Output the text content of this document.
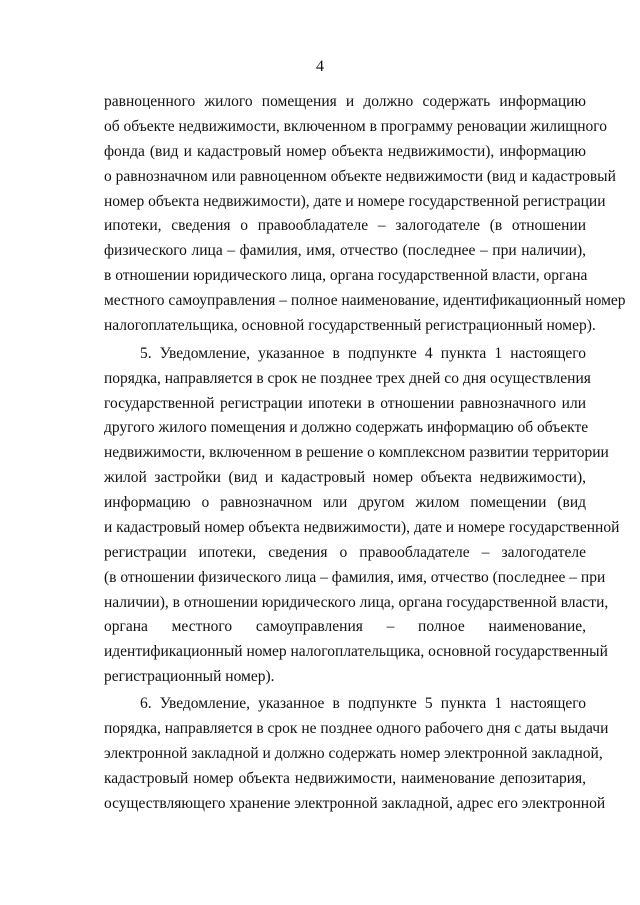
4
равноценного жилого помещения и должно содержать информацию
об объекте недвижимости, включенном в программу реновации жилищного
фонда (вид и кадастровый номер объекта недвижимости), информацию
о равнозначном или равноценном объекте недвижимости (вид и кадастровый
номер объекта недвижимости), дате и номере государственной регистрации
ипотеки, сведения о правообладателе – залогодателе (в отношении
физического лица – фамилия, имя, отчество (последнее – при наличии),
в отношении юридического лица, органа государственной власти, органа
местного самоуправления – полное наименование, идентификационный номер
налогоплательщика, основной государственный регистрационный номер).
5. Уведомление, указанное в подпункте 4 пункта 1 настоящего
порядка, направляется в срок не позднее трех дней со дня осуществления
государственной регистрации ипотеки в отношении равнозначного или
другого жилого помещения и должно содержать информацию об объекте
недвижимости, включенном в решение о комплексном развитии территории
жилой застройки (вид и кадастровый номер объекта недвижимости),
информацию о равнозначном или другом жилом помещении (вид
и кадастровый номер объекта недвижимости), дате и номере государственной
регистрации ипотеки, сведения о правообладателе – залогодателе
(в отношении физического лица – фамилия, имя, отчество (последнее – при
наличии), в отношении юридического лица, органа государственной власти,
органа местного самоуправления – полное наименование,
идентификационный номер налогоплательщика, основной государственный
регистрационный номер).
6. Уведомление, указанное в подпункте 5 пункта 1 настоящего
порядка, направляется в срок не позднее одного рабочего дня с даты выдачи
электронной закладной и должно содержать номер электронной закладной,
кадастровый номер объекта недвижимости, наименование депозитария,
осуществляющего хранение электронной закладной, адрес его электронной
